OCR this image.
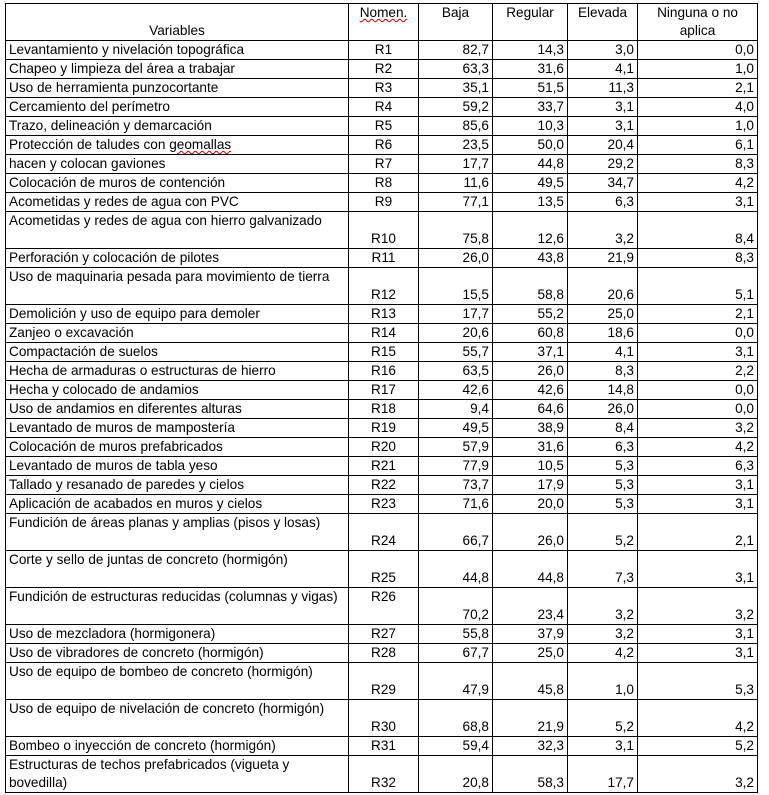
Variables	Nomen.	Baja	Regular	Elevada	Ninguna o no aplica
Levantamiento y nivelación topográfica	R1	82,7	14,3	3,0	0,0
Chapeo y limpieza del área a trabajar	R2	63,3	31,6	4,1	1,0
Uso de herramienta punzocortante	R3	35,1	51,5	11,3	2,1
Cercamiento del perímetro	R4	59,2	33,7	3,1	4,0
Trazo, delineación y demarcación	R5	85,6	10,3	3,1	1,0
Protección de taludes con geomallas	R6	23,5	50,0	20,4	6,1
hacen y colocan gaviones	R7	17,7	44,8	29,2	8,3
Colocación de muros de contención	R8	11,6	49,5	34,7	4,2
Acometidas y redes de agua con PVC	R9	77,1	13,5	6,3	3,1
Acometidas y redes de agua con hierro galvanizado	R10	75,8	12,6	3,2	8,4
Perforación y colocación de pilotes	R11	26,0	43,8	21,9	8,3
Uso de maquinaria pesada para movimiento de tierra	R12	15,5	58,8	20,6	5,1
Demolición y uso de equipo para demoler	R13	17,7	55,2	25,0	2,1
Zanjeo o excavación	R14	20,6	60,8	18,6	0,0
Compactación de suelos	R15	55,7	37,1	4,1	3,1
Hecha de armaduras o estructuras de hierro	R16	63,5	26,0	8,3	2,2
Hecha y colocado de andamios	R17	42,6	42,6	14,8	0,0
Uso de andamios en diferentes alturas	R18	9,4	64,6	26,0	0,0
Levantado de muros de mampostería	R19	49,5	38,9	8,4	3,2
Colocación de muros prefabricados	R20	57,9	31,6	6,3	4,2
Levantado de muros de tabla yeso	R21	77,9	10,5	5,3	6,3
Tallado y resanado de paredes y cielos	R22	73,7	17,9	5,3	3,1
Aplicación de acabados en muros y cielos	R23	71,6	20,0	5,3	3,1
Fundición de áreas planas y amplias (pisos y losas)	R24	66,7	26,0	5,2	2,1
Corte y sello de juntas de concreto (hormigón)	R25	44,8	44,8	7,3	3,1
Fundición de estructuras reducidas (columnas y vigas)	R26	70,2	23,4	3,2	3,2
Uso de mezcladora (hormigonera)	R27	55,8	37,9	3,2	3,1
Uso de vibradores de concreto (hormigón)	R28	67,7	25,0	4,2	3,1
Uso de equipo de bombeo de concreto (hormigón)	R29	47,9	45,8	1,0	5,3
Uso de equipo de nivelación de concreto (hormigón)	R30	68,8	21,9	5,2	4,2
Bombeo o inyección de concreto (hormigón)	R31	59,4	32,3	3,1	5,2
Estructuras de techos prefabricados (vigueta y bovedilla)	R32	20,8	58,3	17,7	3,2
